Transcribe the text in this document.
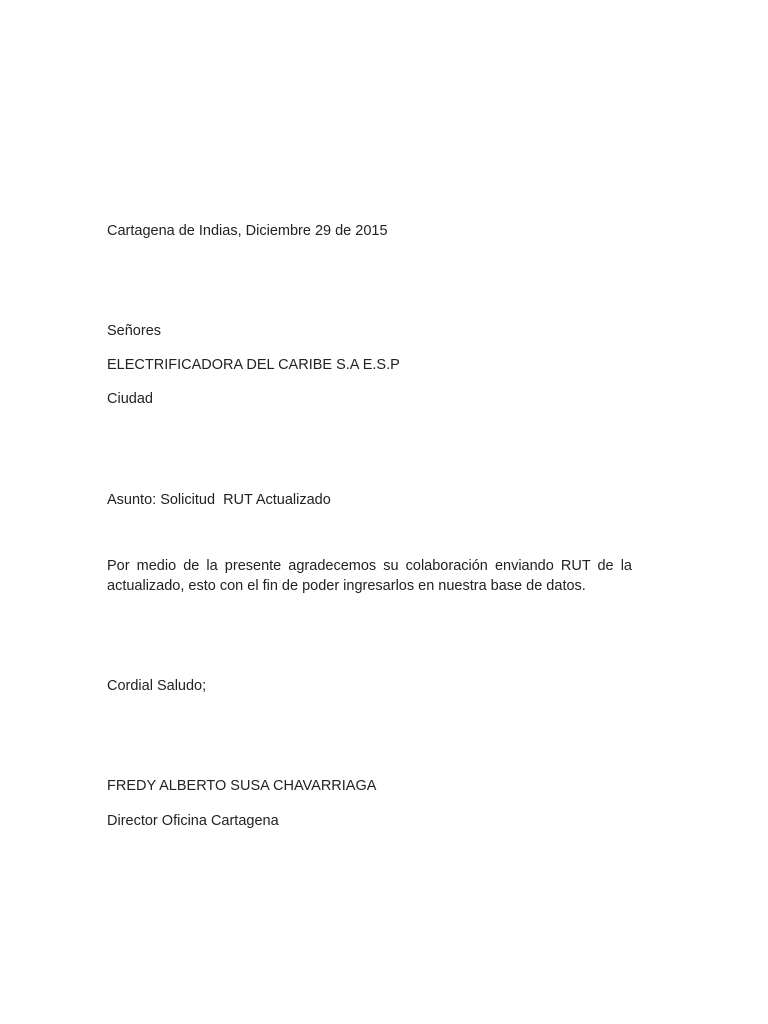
Cartagena de Indias, Diciembre 29 de 2015
Señores
ELECTRIFICADORA DEL CARIBE S.A E.S.P
Ciudad
Asunto: Solicitud  RUT Actualizado
Por medio de la presente agradecemos su colaboración enviando RUT de la
actualizado, esto con el fin de poder ingresarlos en nuestra base de datos.
Cordial Saludo;
FREDY ALBERTO SUSA CHAVARRIAGA
Director Oficina Cartagena
